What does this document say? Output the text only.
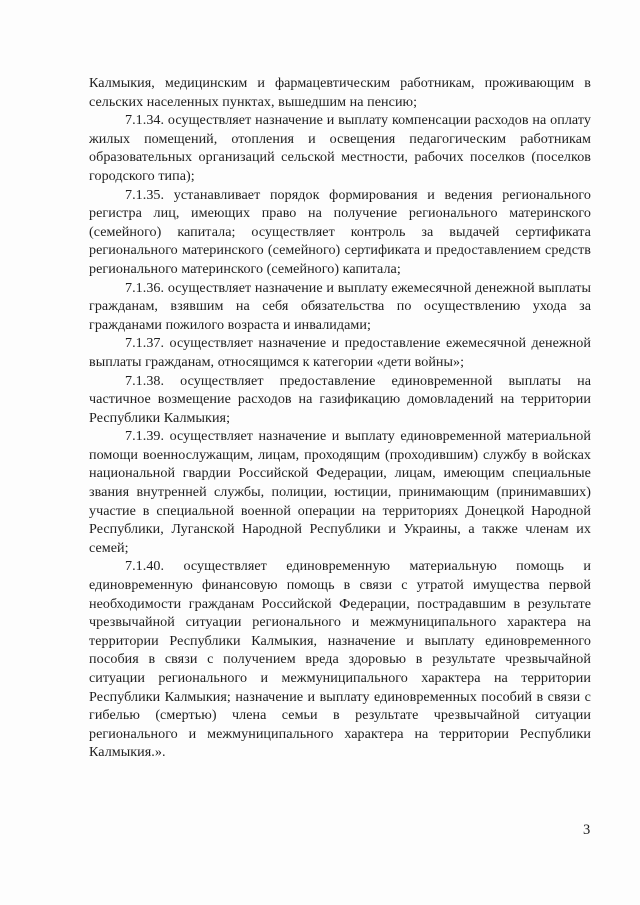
Калмыкия, медицинским и фармацевтическим работникам, проживающим в сельских населенных пунктах, вышедшим на пенсию;

7.1.34. осуществляет назначение и выплату компенсации расходов на оплату жилых помещений, отопления и освещения педагогическим работникам образовательных организаций сельской местности, рабочих поселков (поселков городского типа);

7.1.35. устанавливает порядок формирования и ведения регионального регистра лиц, имеющих право на получение регионального материнского (семейного) капитала; осуществляет контроль за выдачей сертификата регионального материнского (семейного) сертификата и предоставлением средств регионального материнского (семейного) капитала;

7.1.36. осуществляет назначение и выплату ежемесячной денежной выплаты гражданам, взявшим на себя обязательства по осуществлению ухода за гражданами пожилого возраста и инвалидами;

7.1.37. осуществляет назначение и предоставление ежемесячной денежной выплаты гражданам, относящимся к категории «дети войны»;

7.1.38. осуществляет предоставление единовременной выплаты на частичное возмещение расходов на газификацию домовладений на территории Республики Калмыкия;

7.1.39. осуществляет назначение и выплату единовременной материальной помощи военнослужащим, лицам, проходящим (проходившим) службу в войсках национальной гвардии Российской Федерации, лицам, имеющим специальные звания внутренней службы, полиции, юстиции, принимающим (принимавших) участие в специальной военной операции на территориях Донецкой Народной Республики, Луганской Народной Республики и Украины, а также членам их семей;

7.1.40. осуществляет единовременную материальную помощь и единовременную финансовую помощь в связи с утратой имущества первой необходимости гражданам Российской Федерации, пострадавшим в результате чрезвычайной ситуации регионального и межмуниципального характера на территории Республики Калмыкия, назначение и выплату единовременного пособия в связи с получением вреда здоровью в результате чрезвычайной ситуации регионального и межмуниципального характера на территории Республики Калмыкия; назначение и выплату единовременных пособий в связи с гибелью (смертью) члена семьи в результате чрезвычайной ситуации регионального и межмуниципального характера на территории Республики Калмыкия.».

3
